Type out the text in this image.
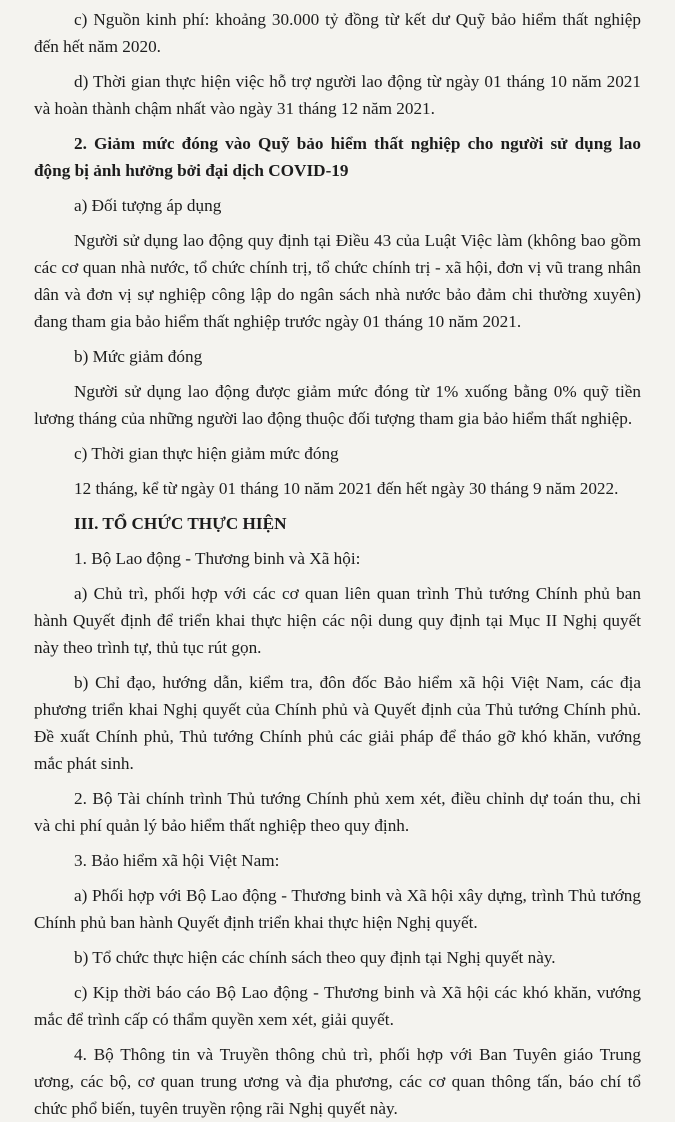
c) Nguồn kinh phí: khoảng 30.000 tỷ đồng từ kết dư Quỹ bảo hiểm thất nghiệp đến hết năm 2020.

d) Thời gian thực hiện việc hỗ trợ người lao động từ ngày 01 tháng 10 năm 2021 và hoàn thành chậm nhất vào ngày 31 tháng 12 năm 2021.

2. Giảm mức đóng vào Quỹ bảo hiểm thất nghiệp cho người sử dụng lao động bị ảnh hưởng bởi đại dịch COVID-19

a) Đối tượng áp dụng

Người sử dụng lao động quy định tại Điều 43 của Luật Việc làm (không bao gồm các cơ quan nhà nước, tổ chức chính trị, tổ chức chính trị - xã hội, đơn vị vũ trang nhân dân và đơn vị sự nghiệp công lập do ngân sách nhà nước bảo đảm chi thường xuyên) đang tham gia bảo hiểm thất nghiệp trước ngày 01 tháng 10 năm 2021.

b) Mức giảm đóng

Người sử dụng lao động được giảm mức đóng từ 1% xuống bằng 0% quỹ tiền lương tháng của những người lao động thuộc đối tượng tham gia bảo hiểm thất nghiệp.

c) Thời gian thực hiện giảm mức đóng

12 tháng, kể từ ngày 01 tháng 10 năm 2021 đến hết ngày 30 tháng 9 năm 2022.

III. TỔ CHỨC THỰC HIỆN

1. Bộ Lao động - Thương binh và Xã hội:

a) Chủ trì, phối hợp với các cơ quan liên quan trình Thủ tướng Chính phủ ban hành Quyết định để triển khai thực hiện các nội dung quy định tại Mục II Nghị quyết này theo trình tự, thủ tục rút gọn.

b) Chỉ đạo, hướng dẫn, kiểm tra, đôn đốc Bảo hiểm xã hội Việt Nam, các địa phương triển khai Nghị quyết của Chính phủ và Quyết định của Thủ tướng Chính phủ. Đề xuất Chính phủ, Thủ tướng Chính phủ các giải pháp để tháo gỡ khó khăn, vướng mắc phát sinh.

2. Bộ Tài chính trình Thủ tướng Chính phủ xem xét, điều chỉnh dự toán thu, chi và chi phí quản lý bảo hiểm thất nghiệp theo quy định.

3. Bảo hiểm xã hội Việt Nam:

a) Phối hợp với Bộ Lao động - Thương binh và Xã hội xây dựng, trình Thủ tướng Chính phủ ban hành Quyết định triển khai thực hiện Nghị quyết.

b) Tổ chức thực hiện các chính sách theo quy định tại Nghị quyết này.

c) Kịp thời báo cáo Bộ Lao động - Thương binh và Xã hội các khó khăn, vướng mắc để trình cấp có thẩm quyền xem xét, giải quyết.

4. Bộ Thông tin và Truyền thông chủ trì, phối hợp với Ban Tuyên giáo Trung ương, các bộ, cơ quan trung ương và địa phương, các cơ quan thông tấn, báo chí tổ chức phổ biến, tuyên truyền rộng rãi Nghị quyết này.
